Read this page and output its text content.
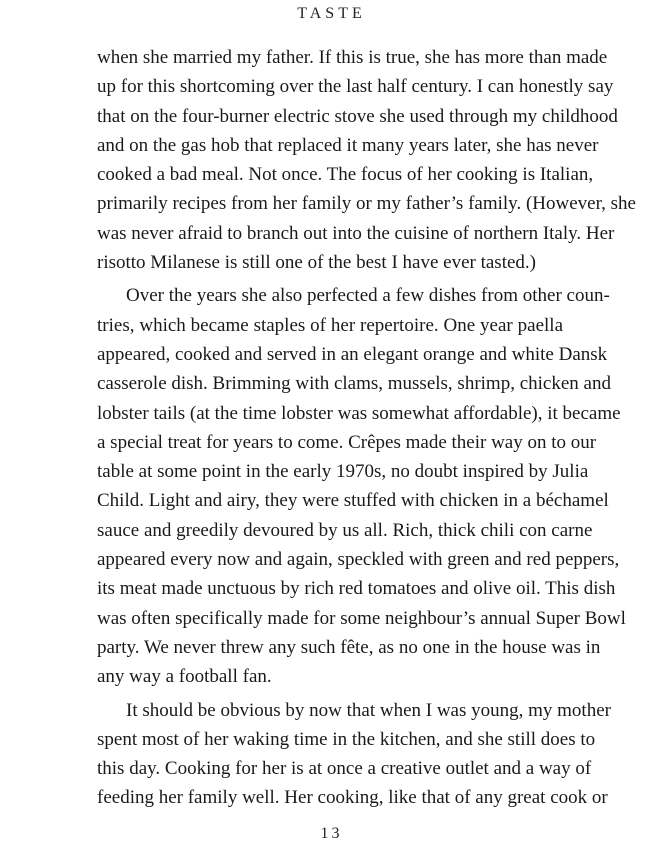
TASTE
when she married my father. If this is true, she has more than made
up for this shortcoming over the last half century. I can honestly say
that on the four-burner electric stove she used through my childhood
and on the gas hob that replaced it many years later, she has never
cooked a bad meal. Not once. The focus of her cooking is Italian,
primarily recipes from her family or my father’s family. (However, she
was never afraid to branch out into the cuisine of northern Italy. Her
risotto Milanese is still one of the best I have ever tasted.)
Over the years she also perfected a few dishes from other coun-
tries, which became staples of her repertoire. One year paella
appeared, cooked and served in an elegant orange and white Dansk
casserole dish. Brimming with clams, mussels, shrimp, chicken and
lobster tails (at the time lobster was somewhat affordable), it became
a special treat for years to come. Crêpes made their way on to our
table at some point in the early 1970s, no doubt inspired by Julia
Child. Light and airy, they were stuffed with chicken in a béchamel
sauce and greedily devoured by us all. Rich, thick chili con carne
appeared every now and again, speckled with green and red peppers,
its meat made unctuous by rich red tomatoes and olive oil. This dish
was often specifically made for some neighbour’s annual Super Bowl
party. We never threw any such fête, as no one in the house was in
any way a football fan.
It should be obvious by now that when I was young, my mother
spent most of her waking time in the kitchen, and she still does to
this day. Cooking for her is at once a creative outlet and a way of
feeding her family well. Her cooking, like that of any great cook or
13
